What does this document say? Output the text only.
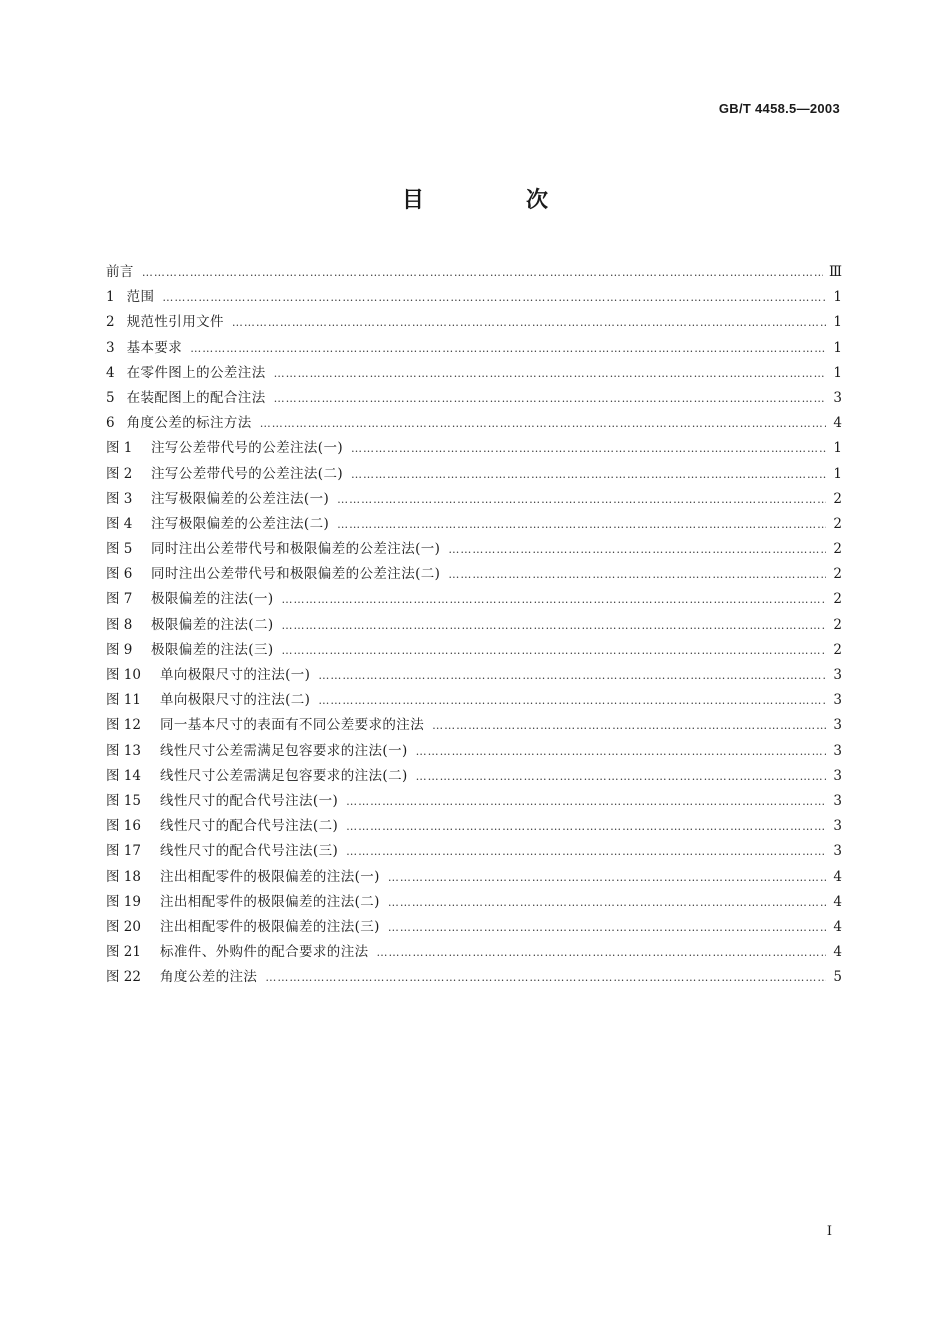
GB/T 4458.5—2003
目　次
前言 ………………………………………………………………………………………………………………………………………………………………………………………………………………	Ⅲ
1 范围 ………………………………………………………………………………………………………………………………………………………………………………………………………………	1
2 规范性引用文件 ………………………………………………………………………………………………………………………………………………………………………………………………………………	1
3 基本要求 ………………………………………………………………………………………………………………………………………………………………………………………………………………	1
4 在零件图上的公差注法 ………………………………………………………………………………………………………………………………………………………………………………………………………………	1
5 在装配图上的配合注法 ………………………………………………………………………………………………………………………………………………………………………………………………………………	3
6 角度公差的标注方法 ………………………………………………………………………………………………………………………………………………………………………………………………………………	4
图 1	注写公差带代号的公差注法(一) ………………………………………………………………………………………………………………………………………………………………………………………………………………	1
图 2	注写公差带代号的公差注法(二) ………………………………………………………………………………………………………………………………………………………………………………………………………………	1
图 3	注写极限偏差的公差注法(一) ………………………………………………………………………………………………………………………………………………………………………………………………………………	2
图 4	注写极限偏差的公差注法(二) ………………………………………………………………………………………………………………………………………………………………………………………………………………	2
图 5	同时注出公差带代号和极限偏差的公差注法(一) ………………………………………………………………………………………………………………………………………………………………………………………………………………	2
图 6	同时注出公差带代号和极限偏差的公差注法(二) ………………………………………………………………………………………………………………………………………………………………………………………………………………	2
图 7	极限偏差的注法(一) ………………………………………………………………………………………………………………………………………………………………………………………………………………	2
图 8	极限偏差的注法(二) ………………………………………………………………………………………………………………………………………………………………………………………………………………	2
图 9	极限偏差的注法(三) ………………………………………………………………………………………………………………………………………………………………………………………………………………	2
图 10	单向极限尺寸的注法(一) ………………………………………………………………………………………………………………………………………………………………………………………………………………	3
图 11	单向极限尺寸的注法(二) ………………………………………………………………………………………………………………………………………………………………………………………………………………	3
图 12	同一基本尺寸的表面有不同公差要求的注法 ………………………………………………………………………………………………………………………………………………………………………………………………………………	3
图 13	线性尺寸公差需满足包容要求的注法(一) ………………………………………………………………………………………………………………………………………………………………………………………………………………	3
图 14	线性尺寸公差需满足包容要求的注法(二) ………………………………………………………………………………………………………………………………………………………………………………………………………………	3
图 15	线性尺寸的配合代号注法(一) ………………………………………………………………………………………………………………………………………………………………………………………………………………	3
图 16	线性尺寸的配合代号注法(二) ………………………………………………………………………………………………………………………………………………………………………………………………………………	3
图 17	线性尺寸的配合代号注法(三) ………………………………………………………………………………………………………………………………………………………………………………………………………………	3
图 18	注出相配零件的极限偏差的注法(一) ………………………………………………………………………………………………………………………………………………………………………………………………………………	4
图 19	注出相配零件的极限偏差的注法(二) ………………………………………………………………………………………………………………………………………………………………………………………………………………	4
图 20	注出相配零件的极限偏差的注法(三) ………………………………………………………………………………………………………………………………………………………………………………………………………………	4
图 21	标准件、外购件的配合要求的注法 ………………………………………………………………………………………………………………………………………………………………………………………………………………	4
图 22	角度公差的注法 ………………………………………………………………………………………………………………………………………………………………………………………………………………	5
I
